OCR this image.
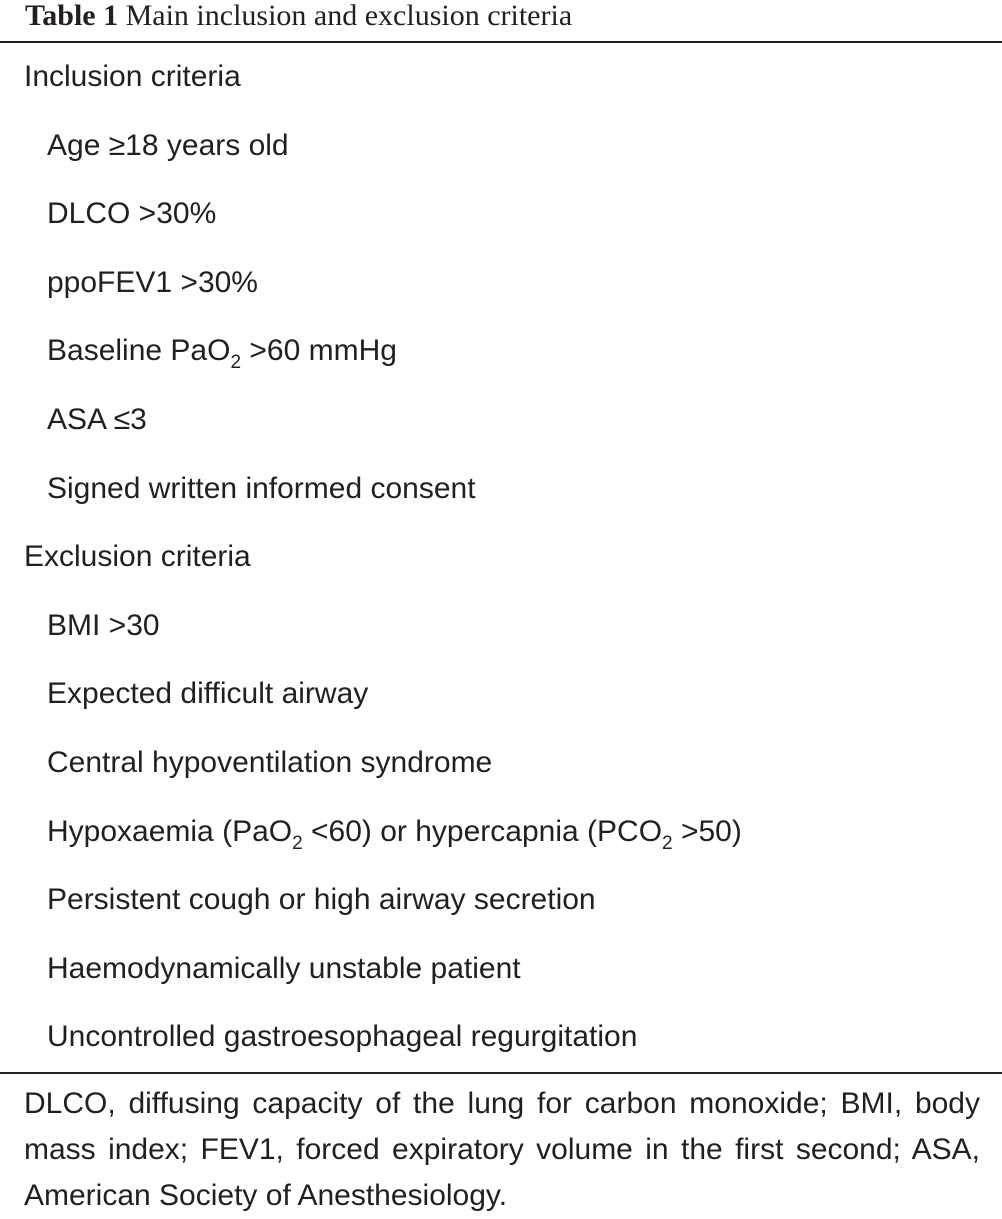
Table 1 Main inclusion and exclusion criteria
Inclusion criteria
Age ≥18 years old
DLCO >30%
ppoFEV1 >30%
Baseline PaO$_2$ >60 mmHg
ASA ≤3
Signed written informed consent
Exclusion criteria
BMI >30
Expected difficult airway
Central hypoventilation syndrome
Hypoxaemia (PaO$_2$ <60) or hypercapnia $(PCO_2 >50)$
Persistent cough or high airway secretion
Haemodynamically unstable patient
Uncontrolled gastroesophageal regurgitation
DLCO, diffusing capacity of the lung for carbon monoxide; BMI, body mass index; FEV1, forced expiratory volume in the first second; ASA, American Society of Anesthesiology.
